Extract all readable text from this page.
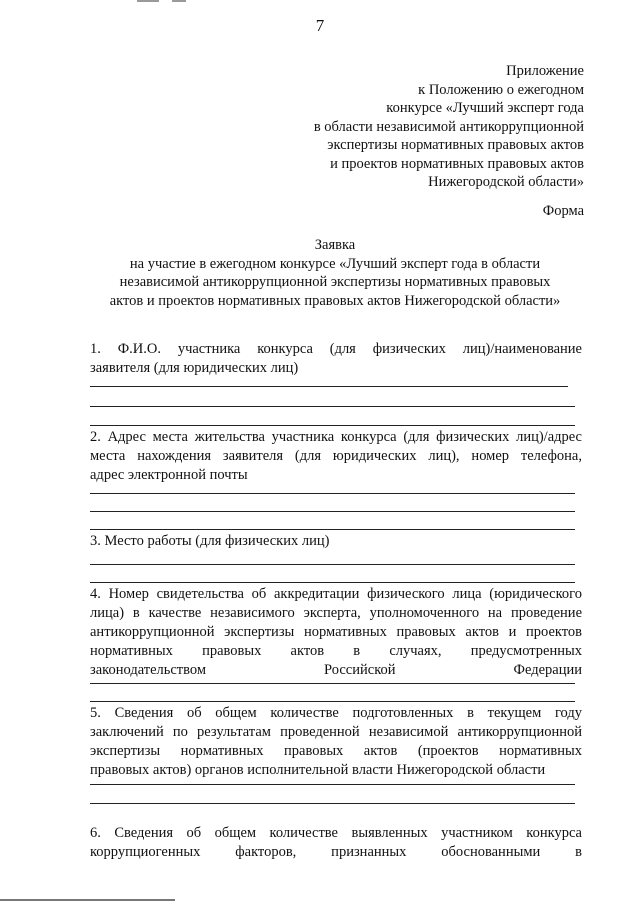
7
Приложение
к Положению о ежегодном
конкурсе «Лучший эксперт года
в области независимой антикоррупционной
экспертизы нормативных правовых актов
и проектов нормативных правовых актов
Нижегородской области»
Форма
Заявка
на участие в ежегодном конкурсе «Лучший эксперт года в области
независимой антикоррупционной экспертизы нормативных правовых
актов и проектов нормативных правовых актов Нижегородской области»
1. Ф.И.О. участника конкурса (для физических лиц)/наименование
заявителя (для юридических лиц)
2. Адрес места жительства участника конкурса (для физических лиц)/адрес
места нахождения заявителя (для юридических лиц), номер телефона,
адрес электронной почты
3. Место работы (для физических лиц)
4. Номер свидетельства об аккредитации физического лица (юридического
лица) в качестве независимого эксперта, уполномоченного на проведение
антикоррупционной экспертизы нормативных правовых актов и проектов
нормативных правовых актов в случаях, предусмотренных
законодательством Российской Федерации
5. Сведения об общем количестве подготовленных в текущем году
заключений по результатам проведенной независимой антикоррупционной
экспертизы нормативных правовых актов (проектов нормативных
правовых актов) органов исполнительной власти Нижегородской области
6. Сведения об общем количестве выявленных участником конкурса
коррупциогенных факторов, признанных обоснованными в
